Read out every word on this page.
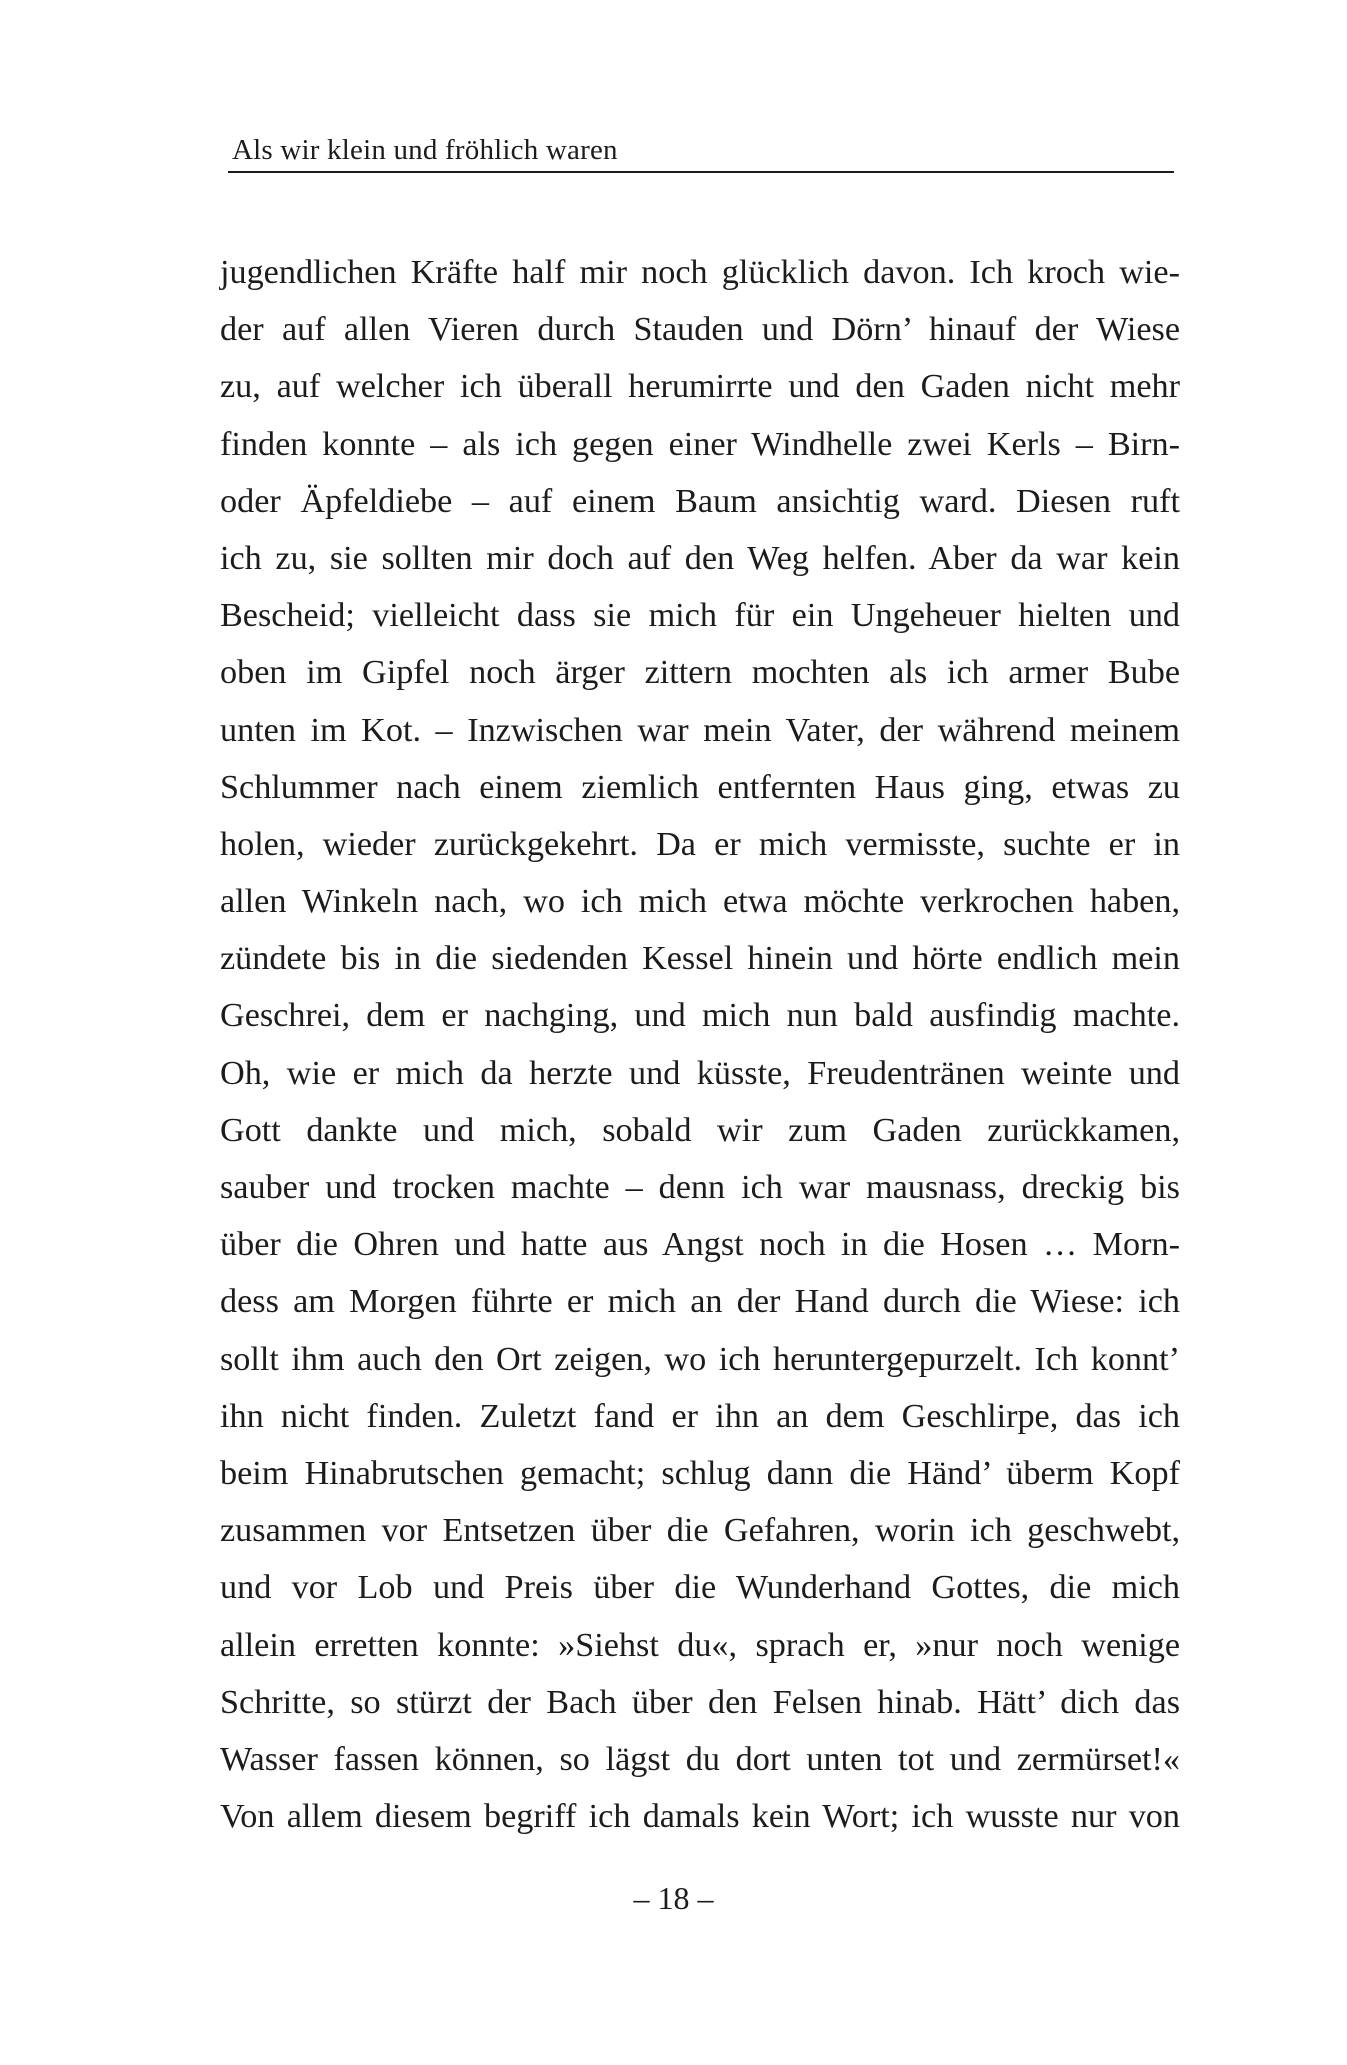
Als wir klein und fröhlich waren
jugendlichen Kräfte half mir noch glücklich davon. Ich kroch wie-
der auf allen Vieren durch Stauden und Dörn’ hinauf der Wiese
zu, auf welcher ich überall herumirrte und den Gaden nicht mehr
finden konnte – als ich gegen einer Windhelle zwei Kerls – Birn-
oder Äpfeldiebe – auf einem Baum ansichtig ward. Diesen ruft
ich zu, sie sollten mir doch auf den Weg helfen. Aber da war kein
Bescheid; vielleicht dass sie mich für ein Ungeheuer hielten und
oben im Gipfel noch ärger zittern mochten als ich armer Bube
unten im Kot. – Inzwischen war mein Vater, der während meinem
Schlummer nach einem ziemlich entfernten Haus ging, etwas zu
holen, wieder zurückgekehrt. Da er mich vermisste, suchte er in
allen Winkeln nach, wo ich mich etwa möchte verkrochen haben,
zündete bis in die siedenden Kessel hinein und hörte endlich mein
Geschrei, dem er nachging, und mich nun bald ausfindig machte.
Oh, wie er mich da herzte und küsste, Freudentränen weinte und
Gott dankte und mich, sobald wir zum Gaden zurückkamen,
sauber und trocken machte – denn ich war mausnass, dreckig bis
über die Ohren und hatte aus Angst noch in die Hosen … Morn-
dess am Morgen führte er mich an der Hand durch die Wiese: ich
sollt ihm auch den Ort zeigen, wo ich heruntergepurzelt. Ich konnt’
ihn nicht finden. Zuletzt fand er ihn an dem Geschlirpe, das ich
beim Hinabrutschen gemacht; schlug dann die Händ’ überm Kopf
zusammen vor Entsetzen über die Gefahren, worin ich geschwebt,
und vor Lob und Preis über die Wunderhand Gottes, die mich
allein erretten konnte: »Siehst du«, sprach er, »nur noch wenige
Schritte, so stürzt der Bach über den Felsen hinab. Hätt’ dich das
Wasser fassen können, so lägst du dort unten tot und zermürset!«
Von allem diesem begriff ich damals kein Wort; ich wusste nur von
– 18 –
